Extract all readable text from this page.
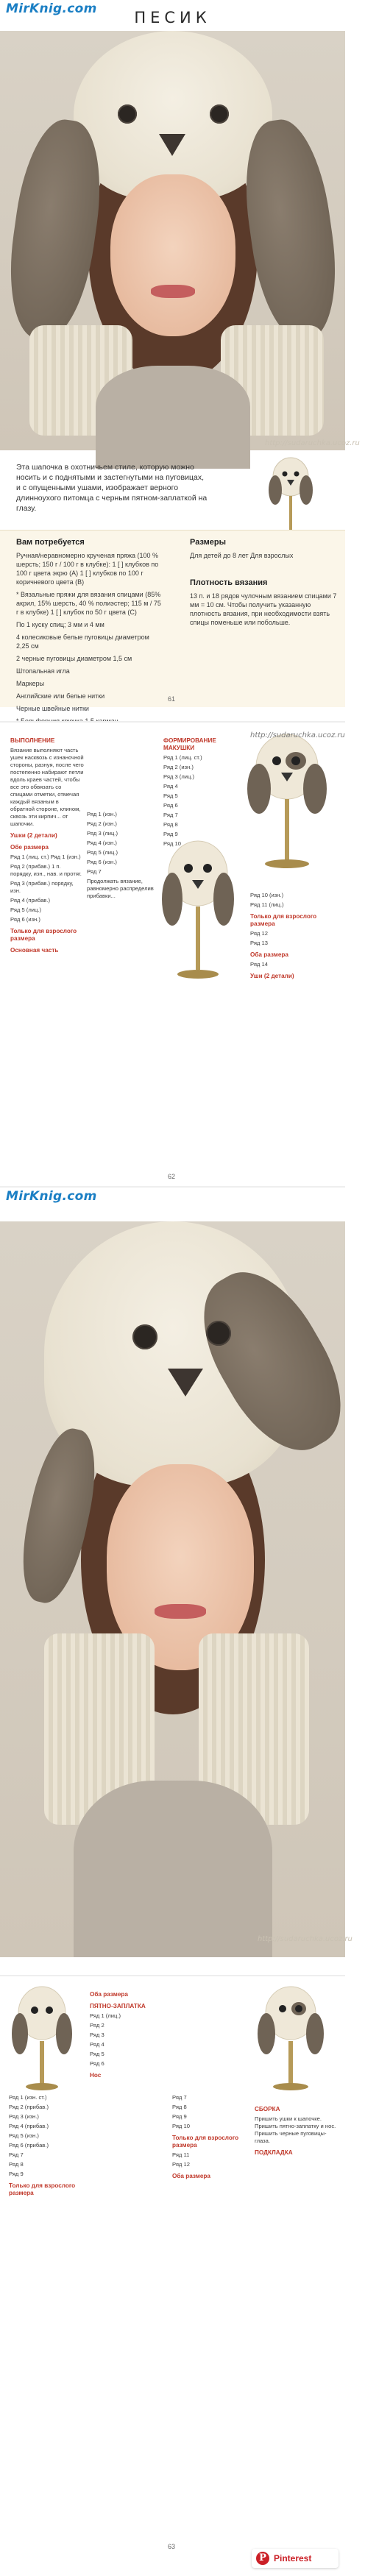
MirKnig.com	ПЕСИК
http://sudaruchka.ucoz.ru
Эта шапочка в охотничьем стиле, которую можно носить и с поднятыми и застегнутыми на пуговицах, и с опущенными ушами, изображает верного длинноухого питомца с черным пятном-заплаткой на глазу.
Вам потребуется
Ручная/неравномерно крученая пряжа (100 % шерсть; 150 г / 100 г в клубке): 1 [ ] клубков по 100 г цвета экрю (А) 1 [ ] клубков по 100 г коричневого цвета (В)
* Вязальные пряжи для вязания спицами (85% акрил, 15% шерсть, 40 % полиэстер; 115 м / 75 г в клубке) 1 [ ] клубок по 50 г цвета (С)
По 1 куску спиц; 3 мм и 4 мм
4 колесиковые белые пуговицы диаметром 2,25 см
2 черные пуговицы диаметром 1,5 см
Штопальная игла
Маркеры
Английские или белые нитки
Черные швейные нитки
Размеры
Для детей до 8 лет Для взрослых
Плотность вязания
13 п. и 18 рядов чулочным вязанием спицами 7 мм = 10 см. Чтобы получить указанную плотность вязания, при необходимости взять спицы поменьше или побольше.
61
ВЫПОЛНЕНИЕ
Вязание выполняют часть ушек насквозь с изнаночной стороны, разнуя, после чего постепенно набирают петли вдоль краев частей, чтобы все это обвязать со спицами отметки, отмечая каждый вязаным в обратной стороне, клином, сквозь эти кирпич... от шапочки.
Ушки (2 детали)
Обе размера
Ряд 1 (лиц. ст.) Ряд 1 (изн.)
Ряд 2 (прибав.) 1 п. порядку, изн., нав. и протяг.
Ряд 3 (прибав.) порядку, изн.
Ряд 4 (прибав.)
Ряд 5 (лиц.)
Ряд 6 (изн.)
Только для взрослого размера
Основная часть
Ряд 1 (изн.)
Ряд 2 (изн.)
Ряд 3 (лиц.)
Ряд 4 (изн.)
Ряд 5 (лиц.)
Ряд 6 (изн.)
Ряд 7
Продолжать вязание, равномерно распределив прибавки...
ФОРМИРОВАНИЕ МАКУШКИ
Ряд 1 (лиц. ст.)
Ряд 2 (изн.)
Ряд 3 (лиц.)
Ряд 4
Ряд 5
Ряд 6
Ряд 7
Ряд 8
Ряд 9
Ряд 10
Ряд 10 (изн.)
Ряд 11 (лиц.)
Только для взрослого размера
Ряд 12
Ряд 13
Оба размера
Ряд 14
Уши (2 детали)
http://sudaruchka.ucoz.ru
62
MirKnig.com
http://sudaruchka.ucoz.ru
Ряд 1 (изн. ст.)
Ряд 2 (прибав.)
Ряд 3 (изн.)
Ряд 4 (прибав.)
Ряд 5 (изн.)
Ряд 6 (прибав.)
Ряд 7
Ряд 8
Ряд 9
Только для взрослого размера
Оба размера
ПЯТНО-ЗАПЛАТКА
Ряд 1 (лиц.)
Ряд 2
Ряд 3
Ряд 4
Ряд 5
Ряд 6
Нос
Ряд 7
Ряд 8
Ряд 9
Ряд 10
Только для взрослого размера
Ряд 11
Ряд 12
Оба размера
СБОРКА
Пришить ушки к шапочке. Пришить пятно-заплатку и нос. Пришить черные пуговицы-глаза.
ПОДКЛАДКА
63
P Pinterest
